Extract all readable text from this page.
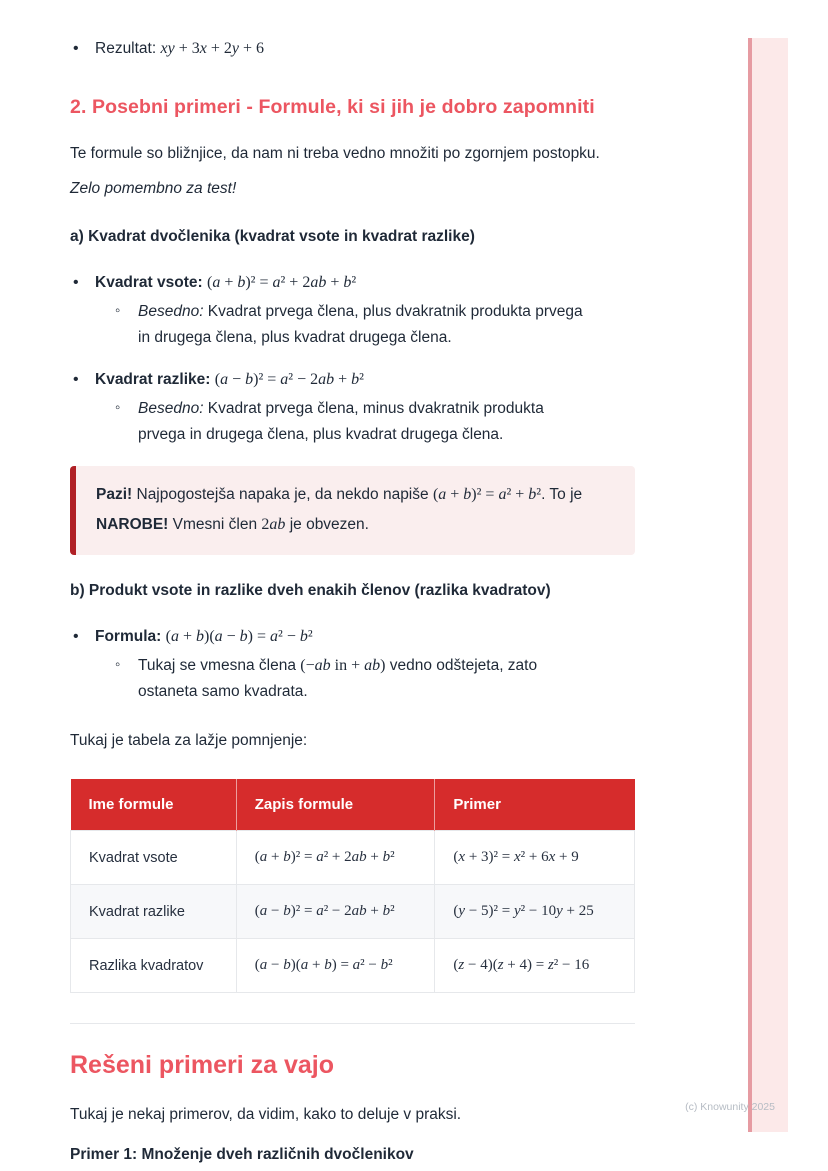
•
Rezultat: xy + 3x + 2y + 6
2. Posebni primeri - Formule, ki si jih je dobro zapomniti

Te formule so bližnjice, da nam ni treba vedno množiti po zgornjem postopku.

Zelo pomembno za test!

a) Kvadrat dvočlenika (kvadrat vsote in kvadrat razlike)
•
Kvadrat vsote: (a + b)² = a² + 2ab + b²
◦
Besedno: Kvadrat prvega člena, plus dvakratnik produkta prvega in drugega člena, plus kvadrat drugega člena.
•
Kvadrat razlike: (a − b)² = a² − 2ab + b²
◦
Besedno: Kvadrat prvega člena, minus dvakratnik produkta prvega in drugega člena, plus kvadrat drugega člena.

Pazi! Najpogostejša napaka je, da nekdo napiše (a + b)² = a² + b². To je NAROBE! Vmesni člen 2ab je obvezen.

b) Produkt vsote in razlike dveh enakih členov (razlika kvadratov)
•
Formula: (a + b)(a − b) = a² − b²
◦
Tukaj se vmesna člena (−ab in + ab) vedno odštejeta, zato ostaneta samo kvadrata.

Tukaj je tabela za lažje pomnjenje:

Ime formule	Zapis formule	Primer
Kvadrat vsote	(a + b)² = a² + 2ab + b²	(x + 3)² = x² + 6x + 9
Kvadrat razlike	(a − b)² = a² − 2ab + b²	(y − 5)² = y² − 10y + 25
Razlika kvadratov	(a − b)(a + b) = a² − b²	(z − 4)(z + 4) = z² − 16
Rešeni primeri za vajo

Tukaj je nekaj primerov, da vidim, kako to deluje v praksi.

Primer 1: Množenje dveh različnih dvočlenikov

(c) Knowunity 2025
